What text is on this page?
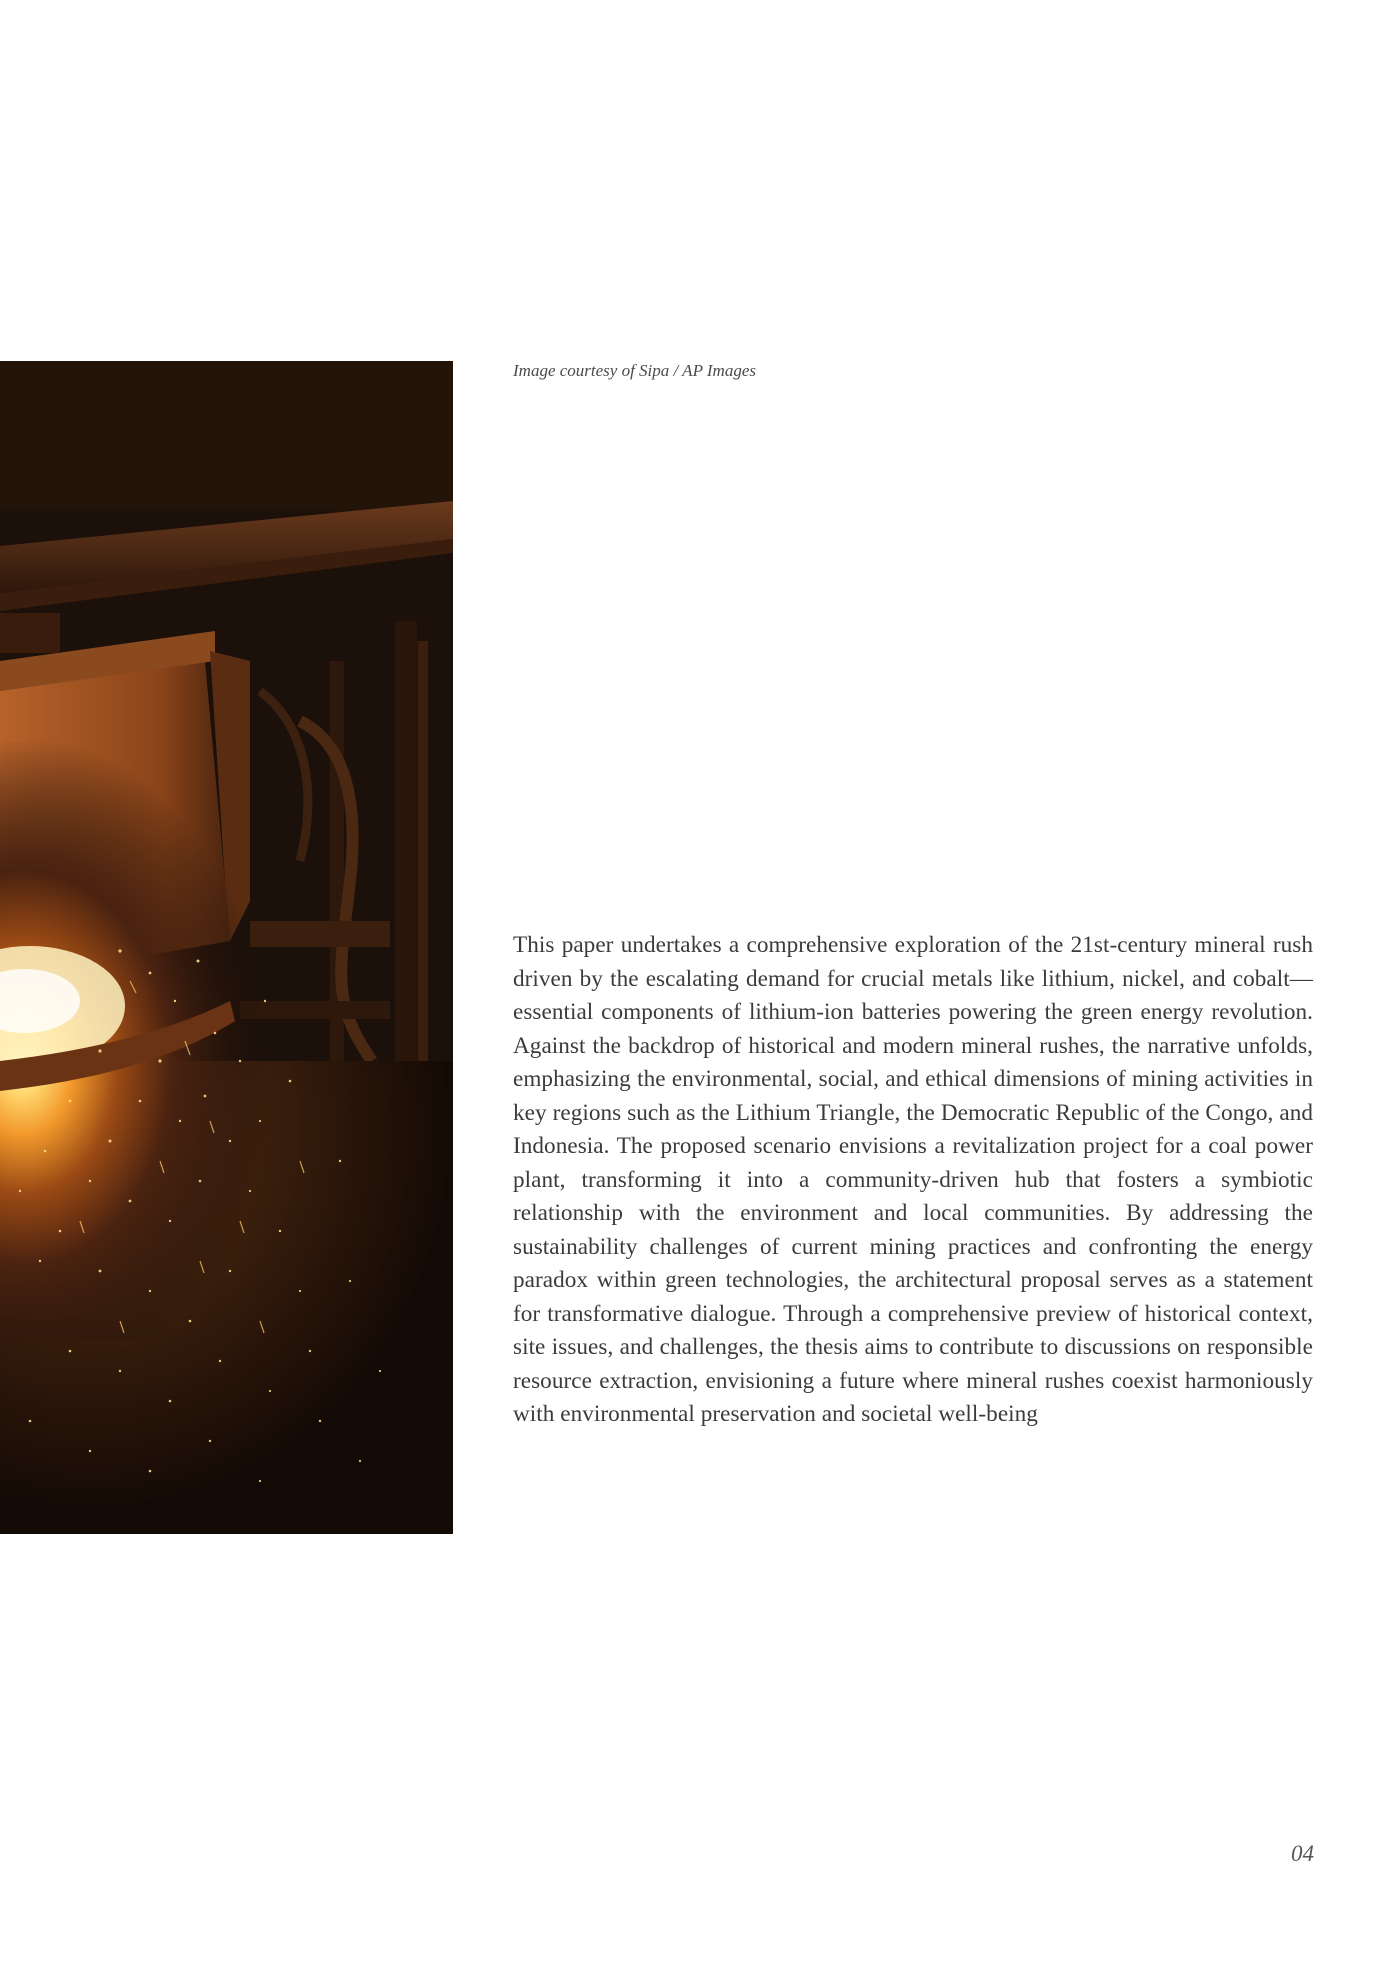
Image courtesy of Sipa / AP Images

This paper undertakes a comprehensive exploration of the 21st-century mineral rush driven by the escalating demand for crucial metals like lithium, nickel, and cobalt—essential components of lithium-ion batteries powering the green energy revolution. Against the backdrop of historical and modern mineral rushes, the narrative unfolds, emphasizing the environmental, social, and ethical dimensions of mining activities in key regions such as the Lithium Triangle, the Democratic Republic of the Congo, and Indonesia. The proposed scenario envisions a revitalization project for a coal power plant, transforming it into a community-driven hub that fosters a symbiotic relationship with the environment and local communities. By addressing the sustainability challenges of current mining practices and confronting the energy paradox within green technologies, the architectural proposal serves as a statement for transformative dialogue. Through a comprehensive preview of historical context, site issues, and challenges, the thesis aims to contribute to discussions on responsible resource extraction, envisioning a future where mineral rushes coexist harmoniously with environmental preservation and societal well-being

04
